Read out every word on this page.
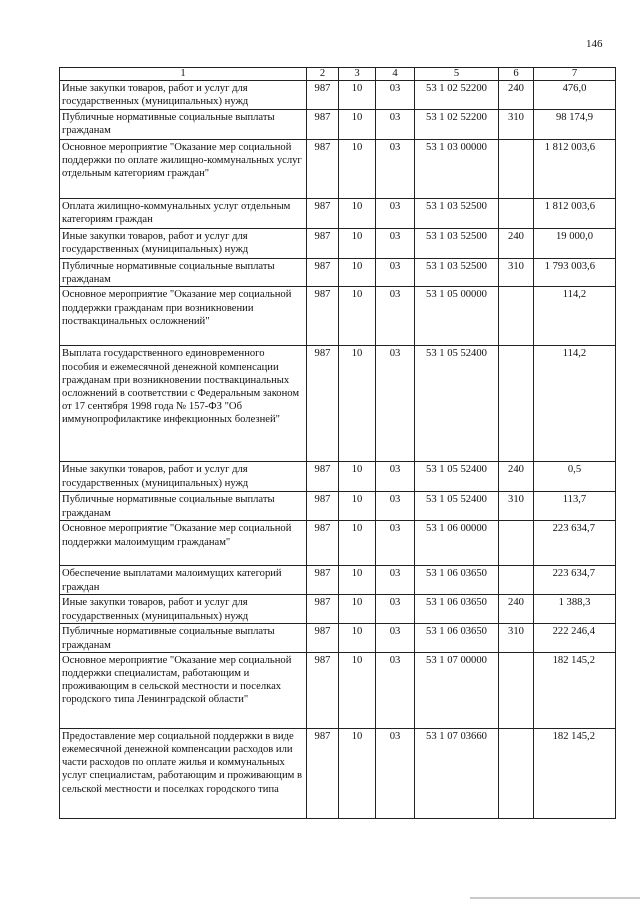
146
1	2	3	4	5	6	7
Иные закупки товаров, работ и услуг для государственных (муниципальных) нужд	987	10	03	53 1 02 52200	240	476,0
Публичные нормативные социальные выплаты гражданам	987	10	03	53 1 02 52200	310	98 174,9
Основное мероприятие "Оказание мер социальной поддержки по оплате жилищно-коммунальных услуг отдельным категориям граждан"	987	10	03	53 1 03 00000		1 812 003,6
Оплата жилищно-коммунальных услуг отдельным категориям граждан	987	10	03	53 1 03 52500		1 812 003,6
Иные закупки товаров, работ и услуг для государственных (муниципальных) нужд	987	10	03	53 1 03 52500	240	19 000,0
Публичные нормативные социальные выплаты гражданам	987	10	03	53 1 03 52500	310	1 793 003,6
Основное мероприятие "Оказание мер социальной поддержки гражданам при возникновении поствакцинальных осложнений"	987	10	03	53 1 05 00000		114,2
Выплата государственного единовременного пособия и ежемесячной денежной компенсации гражданам при возникновении поствакцинальных осложнений в соответствии с Федеральным законом от 17 сентября 1998 года № 157-ФЗ "Об иммунопрофилактике инфекционных болезней"	987	10	03	53 1 05 52400		114,2
Иные закупки товаров, работ и услуг для государственных (муниципальных) нужд	987	10	03	53 1 05 52400	240	0,5
Публичные нормативные социальные выплаты гражданам	987	10	03	53 1 05 52400	310	113,7
Основное мероприятие "Оказание мер социальной поддержки малоимущим гражданам"	987	10	03	53 1 06 00000		223 634,7
Обеспечение выплатами малоимущих категорий граждан	987	10	03	53 1 06 03650		223 634,7
Иные закупки товаров, работ и услуг для государственных (муниципальных) нужд	987	10	03	53 1 06 03650	240	1 388,3
Публичные нормативные социальные выплаты гражданам	987	10	03	53 1 06 03650	310	222 246,4
Основное мероприятие "Оказание мер социальной поддержки специалистам, работающим и проживающим в сельской местности и поселках городского типа Ленинградской области"	987	10	03	53 1 07 00000		182 145,2
Предоставление мер социальной поддержки в виде ежемесячной денежной компенсации расходов или части расходов по оплате жилья и коммунальных услуг специалистам, работающим и проживающим в сельской местности и поселках городского типа	987	10	03	53 1 07 03660		182 145,2
